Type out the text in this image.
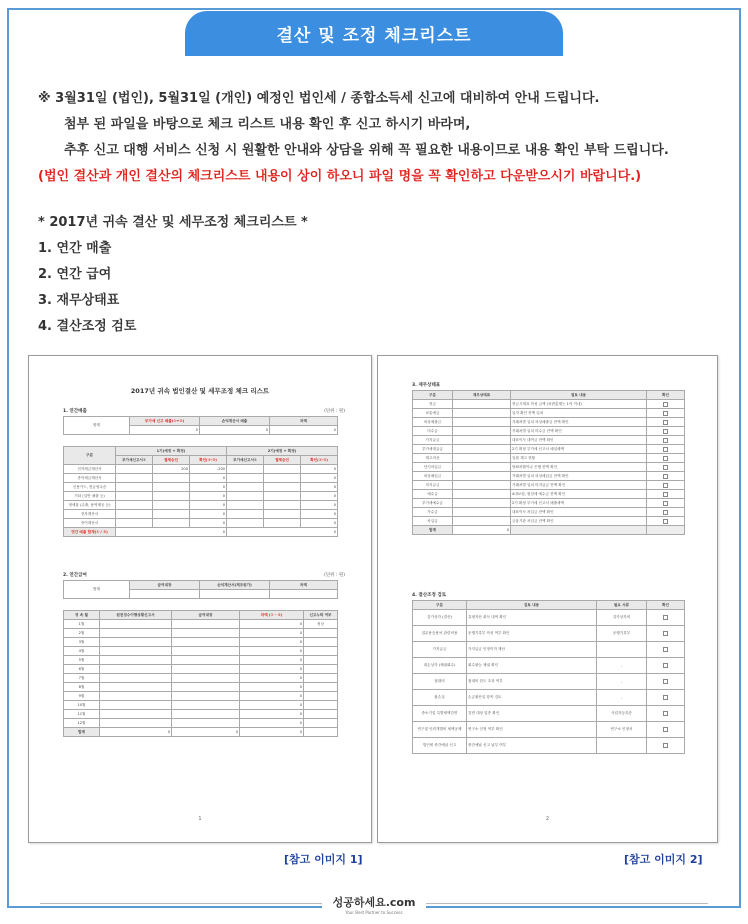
결산 및 조정 체크리스트
※ 3월31일 (법인), 5월31일 (개인) 예정인 법인세 / 종합소득세 신고에 대비하여 안내 드립니다.
첨부 된 파일을 바탕으로 체크 리스트 내용 확인 후 신고 하시기 바라며,
추후 신고 대행 서비스 신청 시 원활한 안내와 상담을 위해 꼭 필요한 내용이므로 내용 확인 부탁 드립니다.
(법인 결산과 개인 결산의 체크리스트 내용이 상이 하오니 파일 명을 꼭 확인하고 다운받으시기 바랍니다.)
* 2017년 귀속 결산 및 세무조정 체크리스트 *
1. 연간 매출
2. 연간 급여
3. 재무상태표
4. 결산조정 검토
2017년 귀속 법인결산 및 세무조정 체크 리스트
1. 연간매출	(단위 : 원)
합계	부가세 신고 매출(①+②)	손익계산서 매출	차액
	0	0	0
구분	1기(예정 + 확정)			2기(예정 + 확정)		
	부가세신고서①	결제승인	확인(①-②)	부가세신고서①	결제승인	확인(①-②)
전자세금계산서		200	-200			0
종이세금계산서			0			0
신용카드, 현금영수증			0			0
기타 (일반 매출 등)			0			0
영세율 (수출, 용역제공 등)			0			0
전자계산서			0			0
종이계산서			0			0
연간 매출 합계(① / ②)	0			0		
2. 연간급여	(단위 : 원)
합계	급여대장	손익계산서(제조원가)	차액

귀 속 월	원천징수이행상황신고서	급여대장	차액 (① - ②)	신고누락 여부
1월			0	정상
2월			0	
3월			0	
4월			0	
5월			0	
6월			0	
7월			0	
8월			0	
9월			0	
10월			0	
11월			0	
12월			0	
합계	0	0	0	
1
3. 재무상태표
구분	재무상태표	점토 내용	확인
현금		현금시재표 작성 금액 (차변총계는 1억 이내)	
보통예금		일자 확인 잔액 일치	
외상매출금		거래처별 일치 외상매출금 잔액 확인	
미수금		거래처별 일치 미수금 잔액 확인	
가지급금		대표이사 대여금 잔액 확인	
부가세대급금		2기 확정 부가세 신고서 매입세액	
재고자산		일괄 재고 현황	
단기차입금		당좌차월이나 은행 잔액 확인	
외상매입금		거래처별 일치 외상매입금 잔액 확인	
미지급금		거래처별 일치 미지급금 잔액 확인	
예수금		4대보험, 원천세 예수금 잔액 확인	
부가세예수금		2기 확정 부가세 신고서 매출세액	
가수금		대표이사 차입금 잔액 확인	
차입금		금융기관 차입금 잔액 확인	
합계	0		
4. 결산조정 검토
구분	검토 내용	필요 서류	확인
감가상각 (결산)	유형자산 취득 내역 확인	감가상각비	
업무용승용차 관련비용	운행기록부 작성 여부 확인	운행기록부	
가지급금	가지급금 인정이자 계산		
대손상각 (채권회수)	회수불능 채권 확인	-	
접대비	접대비 한도 초과 여부	-	
잡손실	손금불산입 항목 검토	-	
중소기업 특별세액감면	감면 대상 업종 확인	사업자등록증	
연구및 인력개발비 세액공제	연구소 인정 여부 확인	연구소 인정서	
법인세 중간예납 신고	중간예납 신고 납부 여부		
2
[참고 이미지 1]	[참고 이미지 2]
성공하세요.com
Your Best Partner to Success
